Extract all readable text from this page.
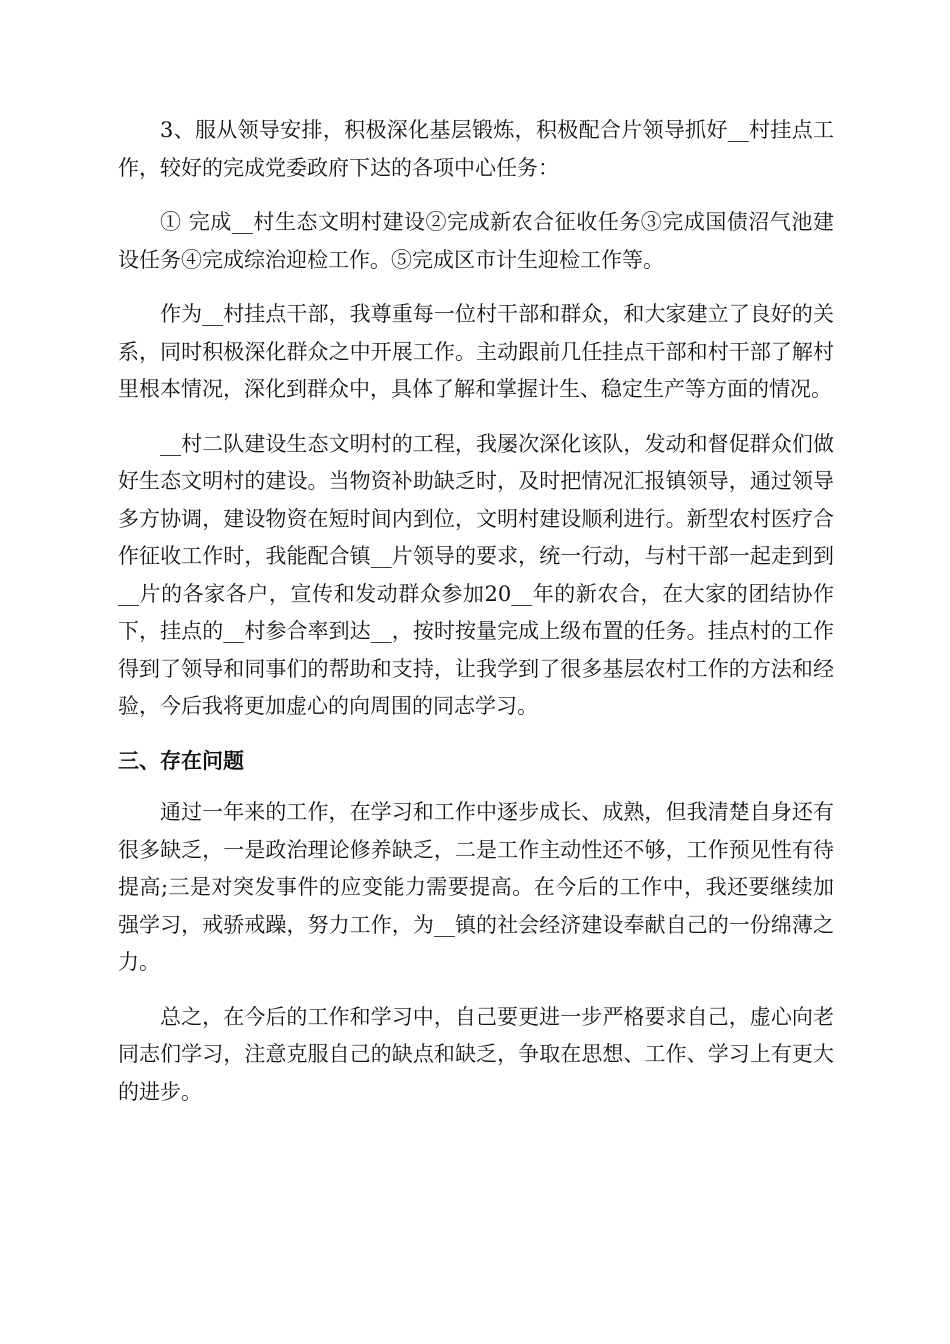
3、服从领导安排，积极深化基层锻炼，积极配合片领导抓好__村挂点工作，较好的完成党委政府下达的各项中心任务：

① 完成__村生态文明村建设②完成新农合征收任务③完成国债沼气池建设任务④完成综治迎检工作。⑤完成区市计生迎检工作等。

作为__村挂点干部，我尊重每一位村干部和群众，和大家建立了良好的关系，同时积极深化群众之中开展工作。主动跟前几任挂点干部和村干部了解村里根本情况，深化到群众中，具体了解和掌握计生、稳定生产等方面的情况。

__村二队建设生态文明村的工程，我屡次深化该队，发动和督促群众们做好生态文明村的建设。当物资补助缺乏时，及时把情况汇报镇领导，通过领导多方协调，建设物资在短时间内到位，文明村建设顺利进行。新型农村医疗合作征收工作时，我能配合镇__片领导的要求，统一行动，与村干部一起走到到__片的各家各户，宣传和发动群众参加20__年的新农合，在大家的团结协作下，挂点的__村参合率到达__，按时按量完成上级布置的任务。挂点村的工作得到了领导和同事们的帮助和支持，让我学到了很多基层农村工作的方法和经验，今后我将更加虚心的向周围的同志学习。

三、存在问题

通过一年来的工作，在学习和工作中逐步成长、成熟，但我清楚自身还有很多缺乏，一是政治理论修养缺乏，二是工作主动性还不够，工作预见性有待提高;三是对突发事件的应变能力需要提高。在今后的工作中，我还要继续加强学习，戒骄戒躁，努力工作，为__镇的社会经济建设奉献自己的一份绵薄之力。

总之，在今后的工作和学习中，自己要更进一步严格要求自己，虚心向老同志们学习，注意克服自己的缺点和缺乏，争取在思想、工作、学习上有更大的进步。
